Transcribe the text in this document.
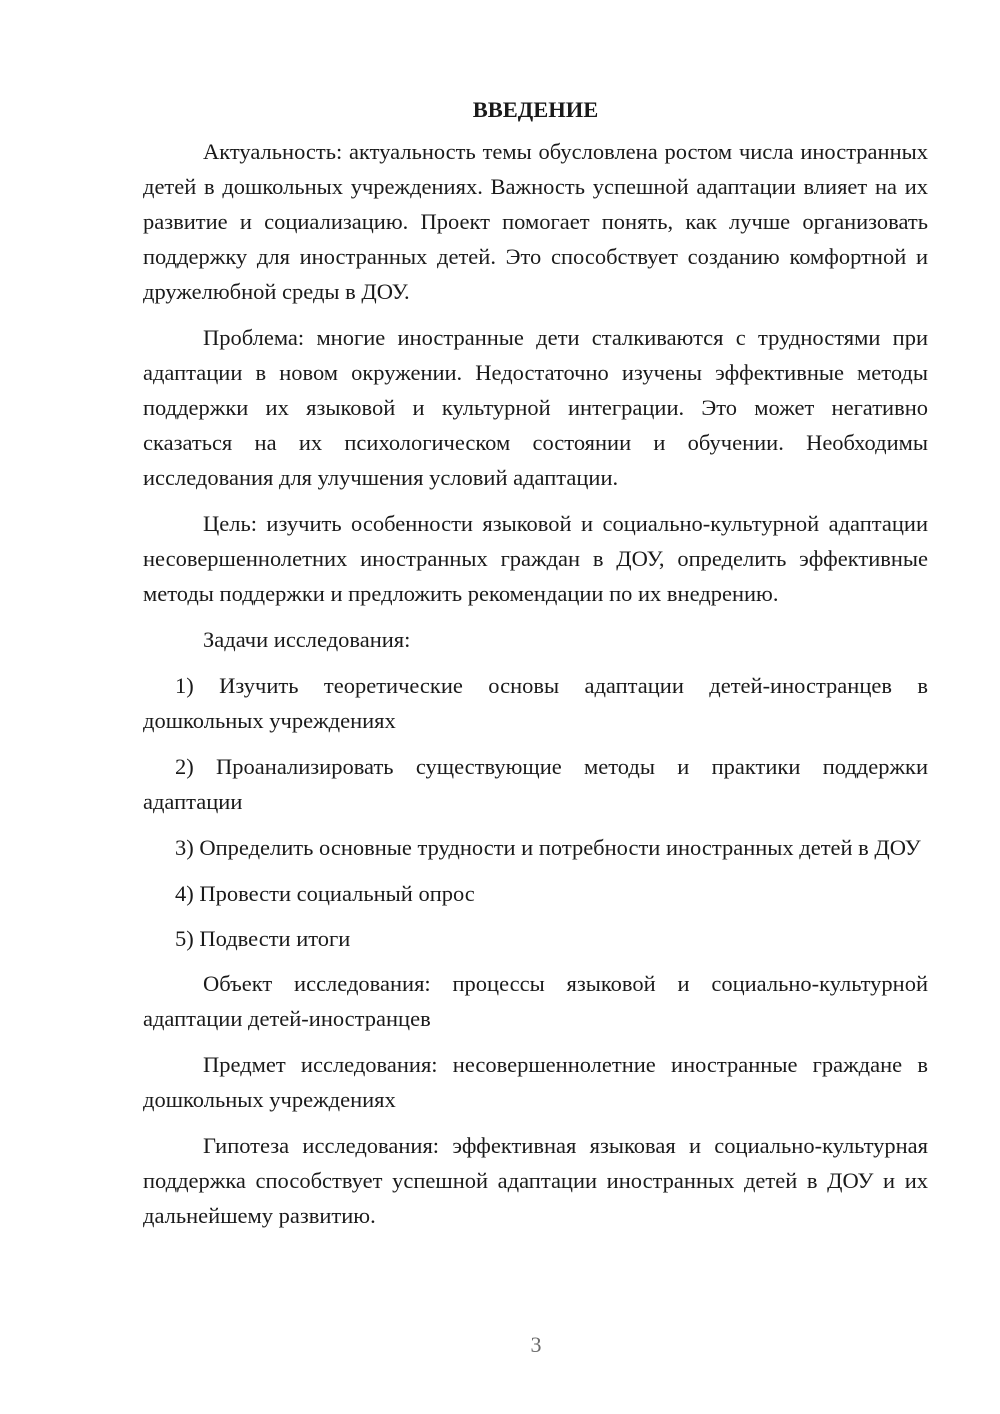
ВВЕДЕНИЕ

Актуальность: актуальность темы обусловлена ростом числа иностранных детей в дошкольных учреждениях. Важность успешной адаптации влияет на их развитие и социализацию. Проект помогает понять, как лучше организовать поддержку для иностранных детей. Это способствует созданию комфортной и дружелюбной среды в ДОУ.

Проблема: многие иностранные дети сталкиваются с трудностями при адаптации в новом окружении. Недостаточно изучены эффективные методы поддержки их языковой и культурной интеграции. Это может негативно сказаться на их психологическом состоянии и обучении. Необходимы исследования для улучшения условий адаптации.

Цель: изучить особенности языковой и социально-культурной адаптации несовершеннолетних иностранных граждан в ДОУ, определить эффективные методы поддержки и предложить рекомендации по их внедрению.

Задачи исследования:

1) Изучить теоретические основы адаптации детей-иностранцев в дошкольных учреждениях

2) Проанализировать существующие методы и практики поддержки адаптации

3) Определить основные трудности и потребности иностранных детей в ДОУ

4) Провести социальный опрос

5) Подвести итоги

Объект исследования: процессы языковой и социально-культурной адаптации детей-иностранцев

Предмет исследования: несовершеннолетние иностранные граждане в дошкольных учреждениях

Гипотеза исследования: эффективная языковая и социально-культурная поддержка способствует успешной адаптации иностранных детей в ДОУ и их дальнейшему развитию.

3
